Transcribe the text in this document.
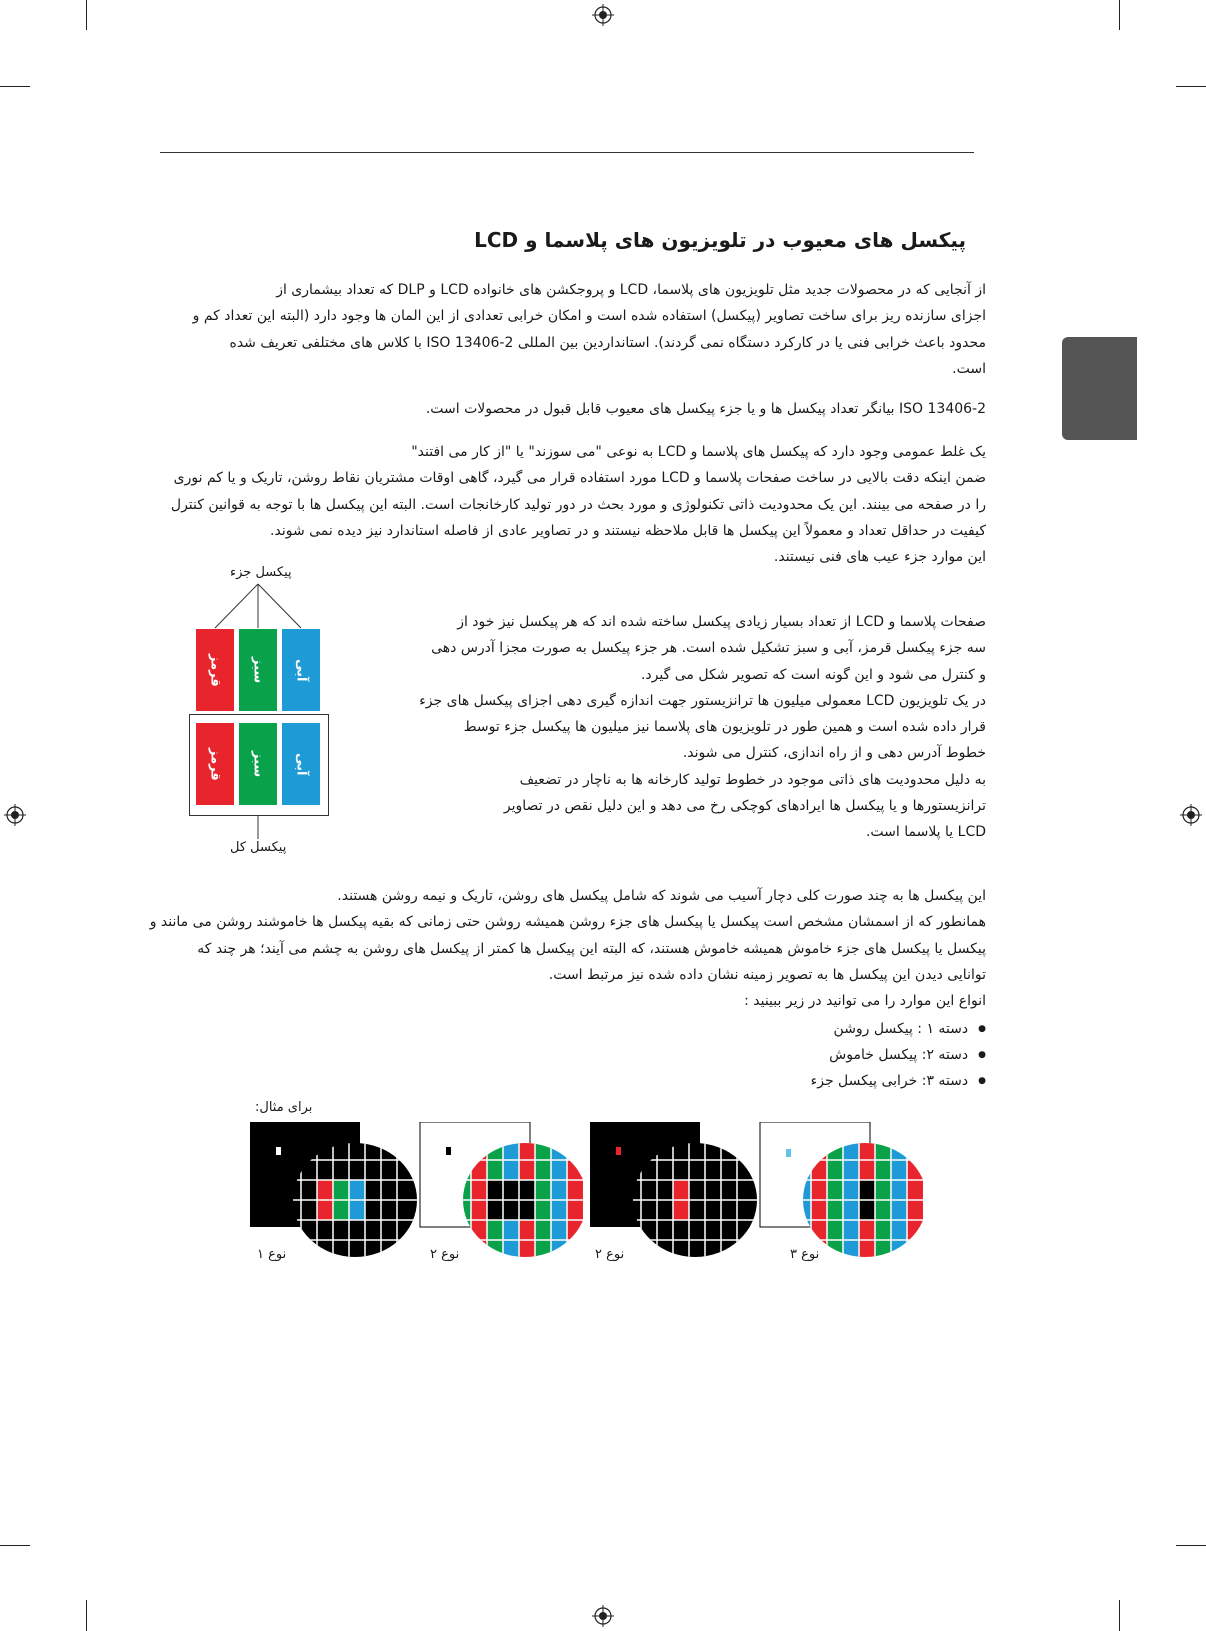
پیکسل های معیوب در تلویزیون های پلاسما و LCD

از آنجایی که در محصولات جدید مثل تلویزیون های پلاسما، LCD و پروجکشن های خانواده LCD و DLP که تعداد بیشماری از

اجزای سازنده ریز برای ساخت تصاویر (پیکسل) استفاده شده است و امکان خرابی تعدادی از این المان ها وجود دارد (البته این تعداد کم و

محدود باعث خرابی فنی یا در کارکرد دستگاه نمی گردند). استانداردین بین المللی ISO 13406-2 با کلاس های مختلفی تعریف شده

است.

ISO 13406-2 بیانگر تعداد پیکسل ها و یا جزء پیکسل های معیوب قابل قبول در محصولات است.

یک غلط عمومی وجود دارد که پیکسل های پلاسما و LCD به نوعی "می سوزند" یا "از کار می افتند"

ضمن اینکه دقت بالایی در ساخت صفحات پلاسما و LCD مورد استفاده قرار می گیرد، گاهی اوقات مشتریان نقاط روشن، تاریک و یا کم نوری

را در صفحه می بینند. این یک محدودیت ذاتی تکنولوژی و مورد بحث در دور تولید کارخانجات است. البته این پیکسل ها با توجه به قوانین کنترل

کیفیت در حداقل تعداد و معمولاً این پیکسل ها قابل ملاحظه نیستند و در تصاویر عادی از فاصله استاندارد نیز دیده نمی شوند.

این موارد جزء عیب های فنی نیستند.

پیکسل جزء
قرمز سبز آبی
قرمز سبز آبی
پیکسل کل

صفحات پلاسما و LCD از تعداد بسیار زیادی پیکسل ساخته شده اند که هر پیکسل نیز خود از

سه جزء پیکسل قرمز، آبی و سبز تشکیل شده است. هر جزء پیکسل به صورت مجزا آدرس دهی

و کنترل می شود و این گونه است که تصویر شکل می گیرد.

در یک تلویزیون LCD معمولی میلیون ها ترانزیستور جهت اندازه گیری دهی اجزای پیکسل های جزء

قرار داده شده است و همین طور در تلویزیون های پلاسما نیز میلیون ها پیکسل جزء توسط

خطوط آدرس دهی و از راه اندازی، کنترل می شوند.

به دلیل محدودیت های ذاتی موجود در خطوط تولید کارخانه ها به ناچار در تضعیف

ترانزیستورها و یا پیکسل ها ایرادهای کوچکی رخ می دهد و این دلیل نقص در تصاویر

LCD یا پلاسما است.

این پیکسل ها به چند صورت کلی دچار آسیب می شوند که شامل پیکسل های روشن، تاریک و نیمه روشن هستند.

همانطور که از اسمشان مشخص است پیکسل یا پیکسل های جزء روشن همیشه روشن حتی زمانی که بقیه پیکسل ها خاموشند روشن می مانند و

پیکسل یا پیکسل های جزء خاموش همیشه خاموش هستند، که البته این پیکسل ها کمتر از پیکسل های روشن به چشم می آیند؛ هر چند که

توانایی دیدن این پیکسل ها به تصویر زمینه نشان داده شده نیز مرتبط است.

انواع این موارد را می توانید در زیر ببینید :

● دسته ۱ : پیکسل روشن
● دسته ۲: پیکسل خاموش
● دسته ۳: خرابی پیکسل جزء
برای مثال:
نوع ۱	نوع ۲	نوع ۲	نوع ۳
